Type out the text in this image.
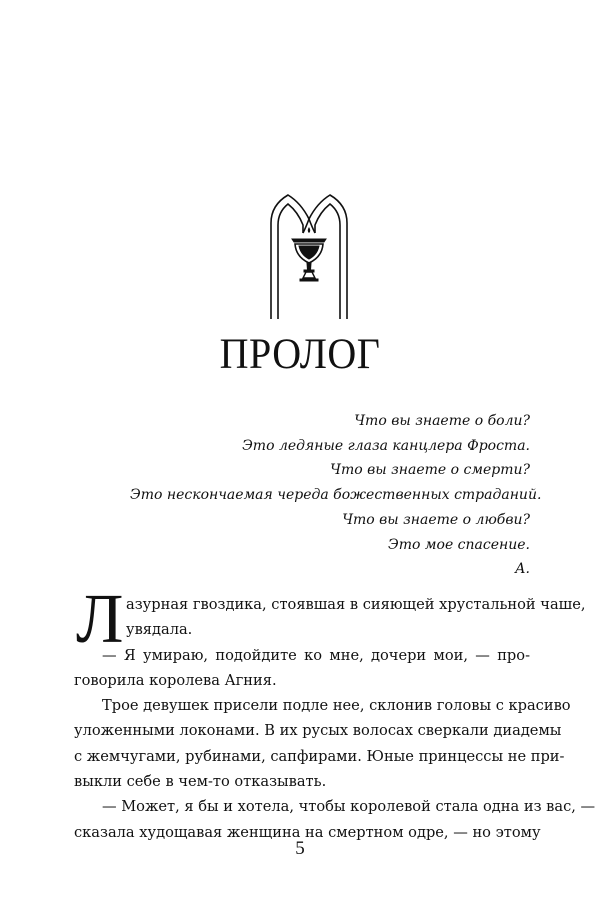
ПРОЛОГ
Что вы знаете о боли?
Это ледяные глаза канцлера Фроста.
Что вы знаете о смерти?
Это нескончаемая череда божественных страданий.
Что вы знаете о любви?
Это мое спасение.
А.
Л азурная гвоздика, стоявшая в сияющей хрустальной чаше,
увядала.
— Я умираю, подойдите ко мне, дочери мои, — про-
говорила королева Агния.
Трое девушек присели подле нее, склонив головы с красиво
уложенными локонами. В их русых волосах сверкали диадемы
с жемчугами, рубинами, сапфирами. Юные принцессы не при-
выкли себе в чем-то отказывать.
— Может, я бы и хотела, чтобы королевой стала одна из вас, —
сказала худощавая женщина на смертном одре, — но этому
5
